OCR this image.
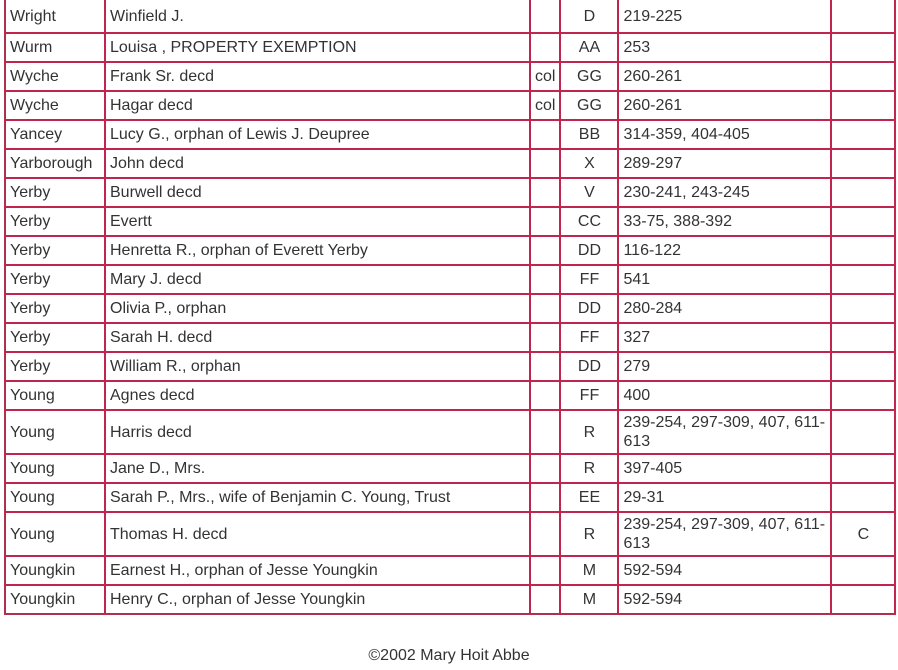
Wright	Winfield J.		D	219-225	
Wurm	Louisa , PROPERTY EXEMPTION		AA	253	
Wyche	Frank Sr. decd	col	GG	260-261	
Wyche	Hagar decd	col	GG	260-261	
Yancey	Lucy G., orphan of Lewis J. Deupree		BB	314-359, 404-405	
Yarborough	John decd		X	289-297	
Yerby	Burwell decd		V	230-241, 243-245	
Yerby	Evertt		CC	33-75, 388-392	
Yerby	Henretta R., orphan of Everett Yerby		DD	116-122	
Yerby	Mary J. decd		FF	541	
Yerby	Olivia P., orphan		DD	280-284	
Yerby	Sarah H. decd		FF	327	
Yerby	William R., orphan		DD	279	
Young	Agnes decd		FF	400	
Young	Harris decd		R	239-254, 297-309, 407, 611-613	
Young	Jane D., Mrs.		R	397-405	
Young	Sarah P., Mrs., wife of Benjamin C. Young, Trust		EE	29-31	
Young	Thomas H. decd		R	239-254, 297-309, 407, 611-613	C
Youngkin	Earnest H., orphan of Jesse Youngkin		M	592-594	
Youngkin	Henry C., orphan of Jesse Youngkin		M	592-594	
©2002 Mary Hoit Abbe
